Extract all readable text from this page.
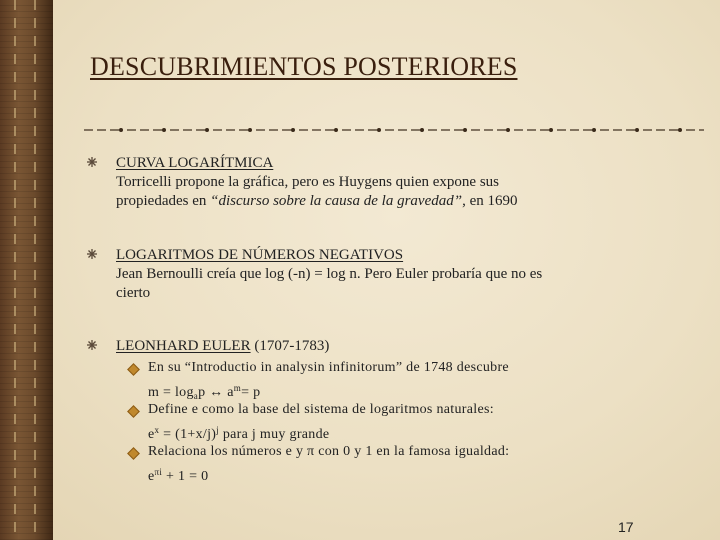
DESCUBRIMIENTOS POSTERIORES
CURVA LOGARÍTMICA
Torricelli propone la gráfica, pero es Huygens quien expone sus
propiedades en “discurso sobre la causa de la gravedad”, en 1690
LOGARITMOS DE NÚMEROS NEGATIVOS
Jean Bernoulli creía que log (-n) = log n. Pero Euler probaría que no es
cierto
LEONHARD EULER (1707-1783)
En su “Introductio in analysin infinitorum” de 1748 descubre
$m = \log_ap$ ↔ $a^m= p$
Define e como la base del sistema de logaritmos naturales:
$e^x = (1+x/j)^j$ para j muy grande
Relaciona los números e y π con 0 y 1 en la famosa igualdad:
$e^{\pi i} + 1 = 0$
17
